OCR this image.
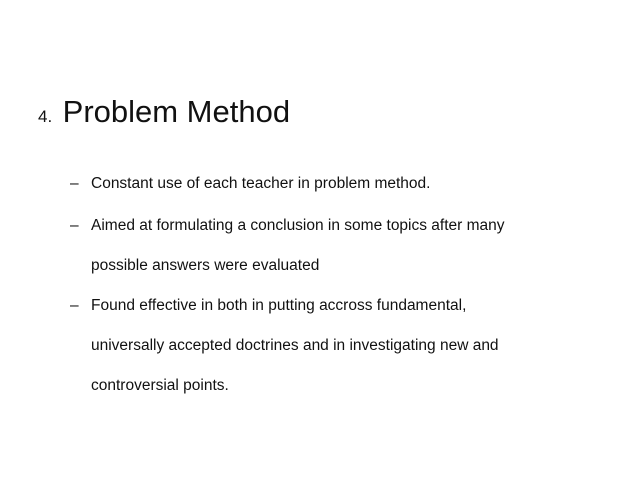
4. Problem Method
– Constant use of each teacher in problem method.
– Aimed at formulating a conclusion in some topics after many
possible answers were evaluated
– Found effective in both in putting accross fundamental,
universally accepted doctrines and in investigating new and
controversial points.
